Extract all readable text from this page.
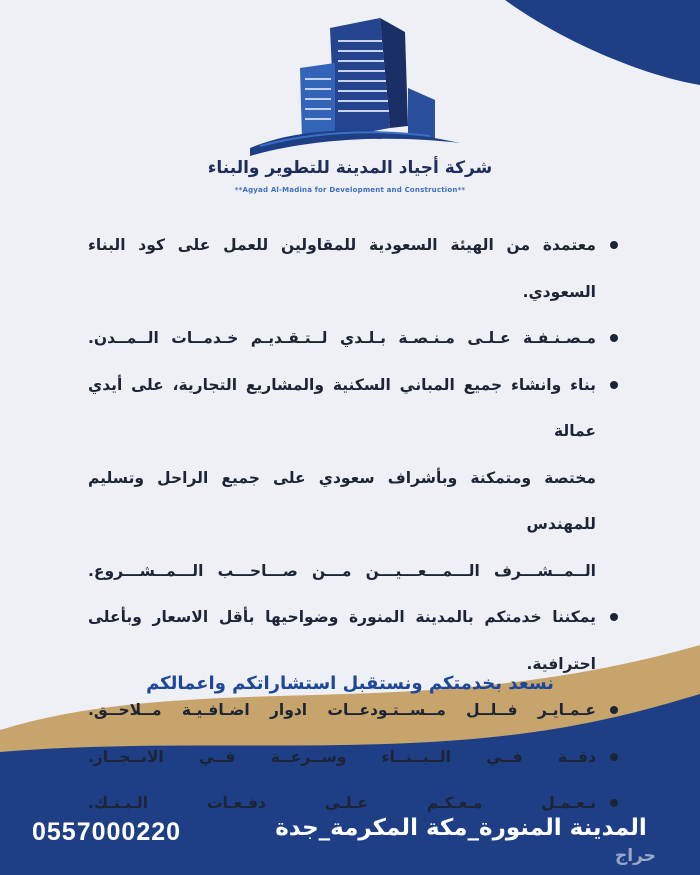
شركة أجياد المدينة للتطوير والبناء
**Agyad Al-Madina for Development and Construction**
معتمدة من الهيئة السعودية للمقاولين للعمل على كود البناء السعودي.
مـصـنـفـة عـلـى مـنـصـة بـلـدي لــتـقـديـم خـدمــات الــمــدن.
بناء وانشاء جميع المباني السكنية والمشاريع التجارية، على أيدي عمالة
مختصة ومتمكنة وبأشراف سعودي على جميع الراحل وتسليم للمهندس
الــمــشـــرف الـــمـــعـــيـــن مـــن صـــاحـــب الـــمــشـــروع.
يمكننا خدمتكم بالمدينة المنورة وضواحيها بأقل الاسعار وبأعلى احترافية.
عـمـايـر فــلــل مــســتـودعــات ادوار اضـافـيـة مــلاحــق.
دقــة فــي الــبــنــاء وســرعــة فــي الانــجــاز.
نـعـمـل مـعـكـم عـلـى دفـعـات الـبـنـك.
نسعد بخدمتكم ونستقبل استشاراتكم واعمالكم
0557000220	المدينة المنورة_مكة المكرمة_جدة
حراج
